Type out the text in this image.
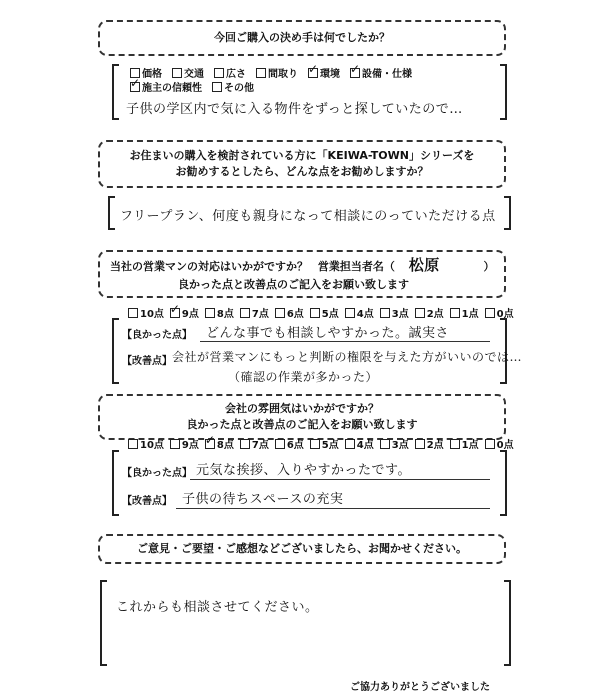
今回ご購入の決め手は何でしたか？
価格 交通 広さ 間取り ✓ 環境 ✓ 設備・仕様✓施主の信頼性 その他
子供の学区内で気に入る物件をずっと探していたので…
お住まいの購入を検討されている方に「KEIWA-TOWN」シリーズを
お勧めするとしたら、どんな点をお勧めしますか？
フリープラン、何度も親身になって相談にのっていただける点
当社の営業マンの対応はいかがですか？ 営業担当者名（ 松原	）
良かった点と改善点のご記入をお願い致します
10点 ✓ 9点 8点 7点 6点 5点 4点 3点 2点 1点 0点
【良かった点】 どんな事でも相談しやすかった。誠実さ
【改善点】 会社が営業マンにもっと判断の権限を与えた方がいいのでは…
（確認の作業が多かった）
会社の雰囲気はいかがですか？
良かった点と改善点のご記入をお願い致します
10点 9点 ✓ 8点 7点 6点 5点 4点 3点 2点 1点 0点
【良かった点】 元気な挨拶、入りやすかったです。
【改善点】 子供の待ちスペースの充実
ご意見・ご要望・ご感想などございましたら、お聞かせください。
これからも相談させてください。
ご協力ありがとうございました
